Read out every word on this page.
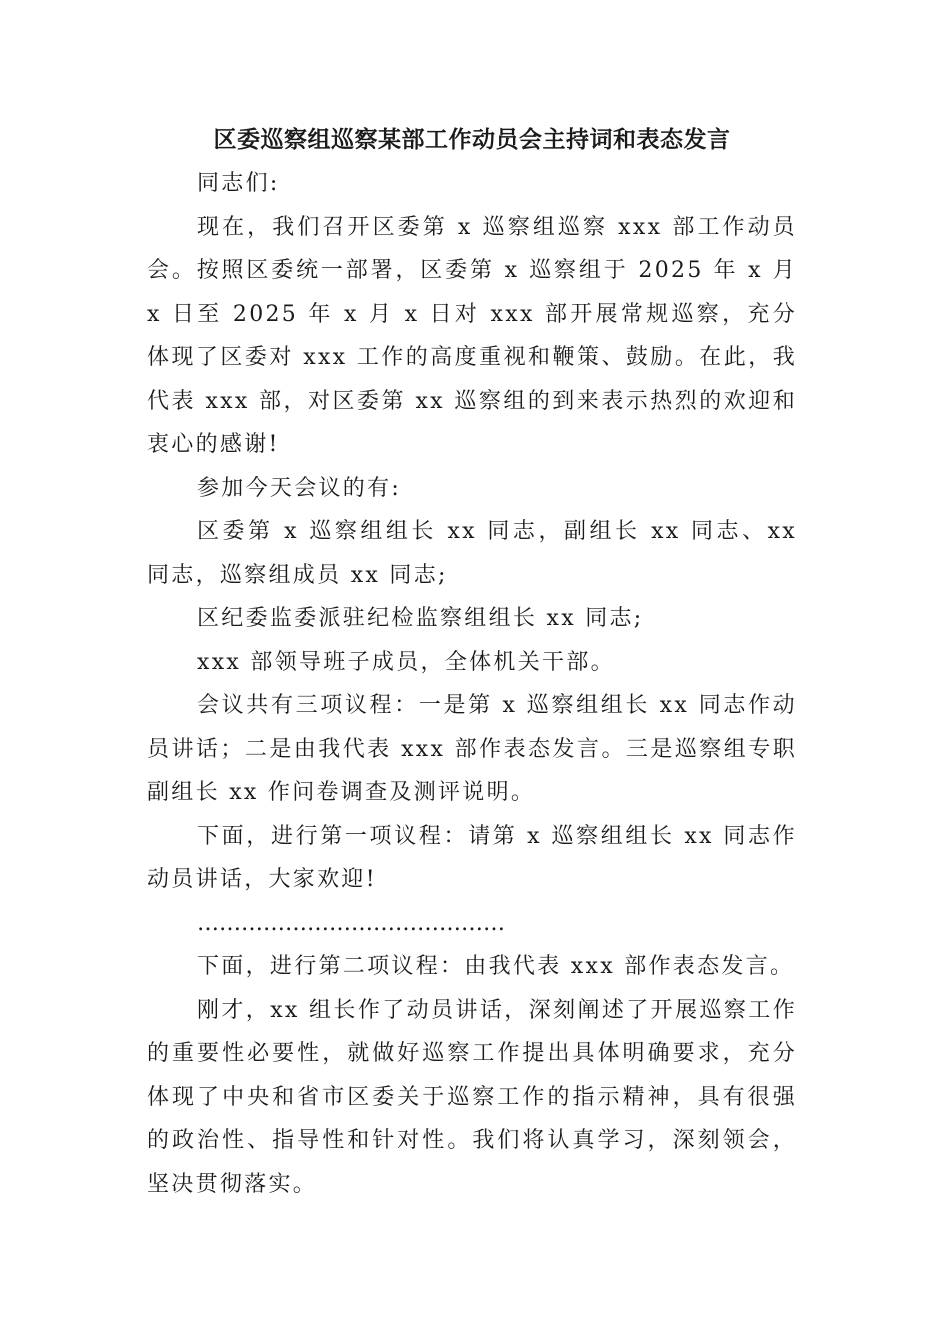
区委巡察组巡察某部工作动员会主持词和表态发言

同志们:

现在，我们召开区委第 x 巡察组巡察 xxx 部工作动员会。按照区委统一部署，区委第 x 巡察组于 2025 年 x 月 x 日至 2025 年 x 月 x 日对 xxx 部开展常规巡察，充分体现了区委对 xxx 工作的高度重视和鞭策、鼓励。在此，我代表 xxx 部，对区委第 xx 巡察组的到来表示热烈的欢迎和衷心的感谢!

参加今天会议的有:

区委第 x 巡察组组长 xx 同志，副组长 xx 同志、xx 同志，巡察组成员 xx 同志;

区纪委监委派驻纪检监察组组长 xx 同志;

xxx 部领导班子成员，全体机关干部。

会议共有三项议程：一是第 x 巡察组组长 xx 同志作动员讲话；二是由我代表 xxx 部作表态发言。三是巡察组专职副组长 xx 作问卷调查及测评说明。

下面，进行第一项议程：请第 x 巡察组组长 xx 同志作动员讲话，大家欢迎!

……………………………………

下面，进行第二项议程：由我代表 xxx 部作表态发言。

刚才，xx 组长作了动员讲话，深刻阐述了开展巡察工作的重要性必要性，就做好巡察工作提出具体明确要求，充分体现了中央和省市区委关于巡察工作的指示精神，具有很强的政治性、指导性和针对性。我们将认真学习，深刻领会，坚决贯彻落实。
